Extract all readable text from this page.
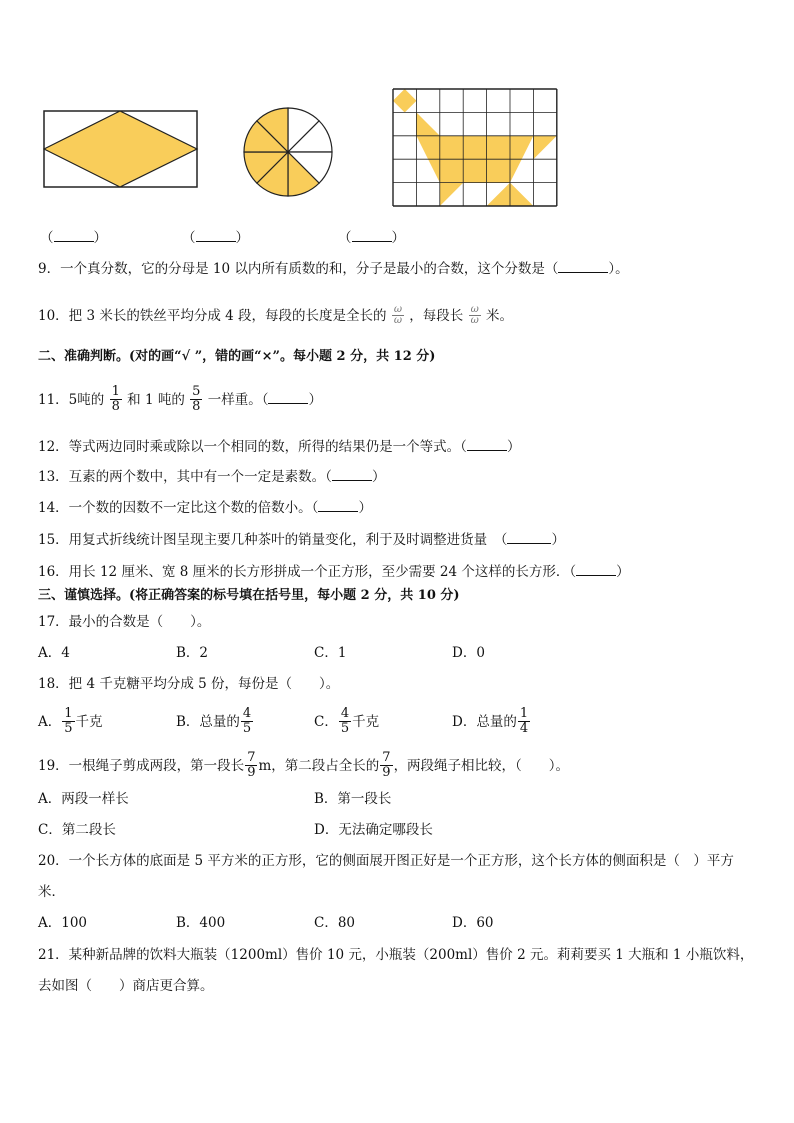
（	）	（	）	（	）
9．一个真分数，它的分母是 10 以内所有质数的和，分子是最小的合数，这个分数是（	）。
10．把 3 米长的铁丝平均分成 4 段，每段的长度是全长的 $\frac{\omega}{\omega}$ ，每段长 $\frac{\omega}{\omega}$ 米。
二、准确判断。(对的画“√ ”，错的画“×”。每小题 2 分，共 12 分)
11．5吨的 $\frac{1}{8}$ 和 1 吨的 $\frac{5}{8}$ 一样重。（	）
12．等式两边同时乘或除以一个相同的数，所得的结果仍是一个等式。（	）
13．互素的两个数中，其中有一个一定是素数。（	）
14．一个数的因数不一定比这个数的倍数小。（	）
15．用复式折线统计图呈现主要几种茶叶的销量变化，利于及时调整进货量　（	）
16．用长 12 厘米、宽 8 厘米的长方形拼成一个正方形，至少需要 24 个这样的长方形．（	）
三、谨慎选择。(将正确答案的标号填在括号里，每小题 2 分，共 10 分)
17．最小的合数是（　　）。
A．4	B．2	C．1	D．0
18．把 4 千克糖平均分成 5 份，每份是（　　）。
A． $\frac{1}{5}$ 千克	B．总量的 $\frac{4}{5}$	C． $\frac{4}{5}$ 千克	D．总量的 $\frac{1}{4}$
19．一根绳子剪成两段，第一段长 $\frac{7}{9}$ m，第二段占全长的 $\frac{7}{9}$ ，两段绳子相比较，（　　）。
A．两段一样长	B．第一段长
C．第二段长	D．无法确定哪段长
20．一个长方体的底面是 5 平方米的正方形，它的侧面展开图正好是一个正方形，这个长方体的侧面积是（　）平方
米．
A．100	B．400	C．80	D．60
21．某种新品牌的饮料大瓶装（1200ml）售价 10 元，小瓶装（200ml）售价 2 元。莉莉要买 1 大瓶和 1 小瓶饮料，
去如图（　　）商店更合算。
